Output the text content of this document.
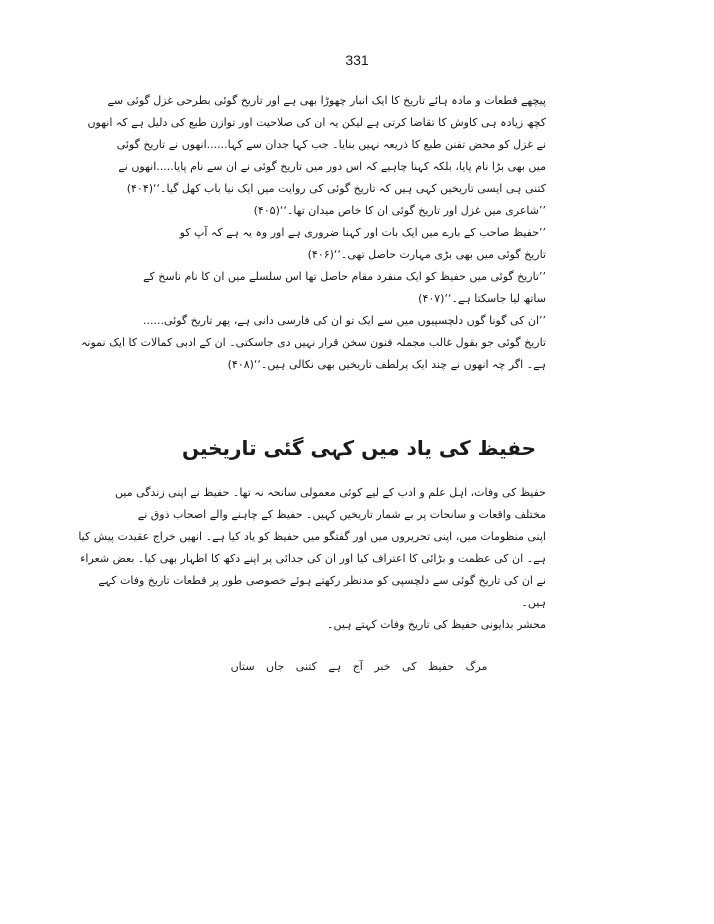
331
پیچھے قطعات و مادہ ہائے تاریخ کا ایک انبار چھوڑا بھی ہے اور تاریخ گوئی بطرحی غزل گوئی سے
کچھ زیادہ ہی کاوش کا تقاضا کرتی ہے لیکن یہ ان کی صلاحیت اور توازن طبع کی دلیل ہے کہ انھوں
نے غزل کو محض تفنن طبع کا ذریعہ نہیں بنایا۔ جب کہا جدان سے کہا......انھوں نے تاریخ گوئی
میں بھی بڑا نام پایا، بلکہ کہنا چاہیے کہ اس دور میں تاریخ گوئی نے ان سے نام پایا.....انھوں نے
کتنی ہی ایسی تاریخیں کہی ہیں کہ تاریخ گوئی کی روایت میں ایک نیا باب کھل گیا۔‘‘(۴۰۴)
’’شاعری میں غزل اور تاریخ گوئی ان کا خاص میدان تھا۔‘‘(۴۰۵)
’’حفیظ صاحب کے بارے میں ایک بات اور کہنا ضروری ہے اور وہ یہ ہے کہ آپ کو
تاریخ گوئی میں بھی بڑی مہارت حاصل تھی۔‘‘(۴۰۶)
’’تاریخ گوئی میں حفیظ کو ایک منفرد مقام حاصل تھا اس سلسلے میں ان کا نام ناسخ کے
ساتھ لیا جاسکتا ہے۔‘‘(۴۰۷)
’’ان کی گونا گوں دلچسپیوں میں سے ایک تو ان کی فارسی دانی ہے، پھر تاریخ گوئی......
تاریخ گوئی جو بقول غالب مجملہ فنون سخن قرار نہیں دی جاسکتی۔ ان کے ادبی کمالات کا ایک نمونہ
ہے۔ اگر چہ انھوں نے چند ایک پرلطف تاریخیں بھی نکالی ہیں۔‘‘(۴۰۸)
حفیظ کی یاد میں کہی گئی تاریخیں
حفیظ کی وفات، اہل علم و ادب کے لیے کوئی معمولی سانحہ نہ تھا۔ حفیظ نے اپنی زندگی میں
مختلف واقعات و سانحات پر بے شمار تاریخیں کہیں۔ حفیظ کے چاہنے والے اصحاب ذوق نے
اپنی منظومات میں، اپنی تحریروں میں اور گفتگو میں حفیظ کو یاد کیا ہے۔ انھیں خراج عقیدت پیش کیا
ہے۔ ان کی عظمت و بڑائی کا اعتراف کیا اور ان کی جدائی پر اپنے دکھ کا اظہار بھی کیا۔ بعض شعراء
نے ان کی تاریخ گوئی سے دلچسپی کو مدنظر رکھتے ہوئے خصوصی طور پر قطعات تاریخ وفات کہے
ہیں۔
محشر بدایونی حفیظ کی تاریخ وفات کہتے ہیں۔
مرگ حفیظ کی خبر آج ہے کتنی جاں ستاں
